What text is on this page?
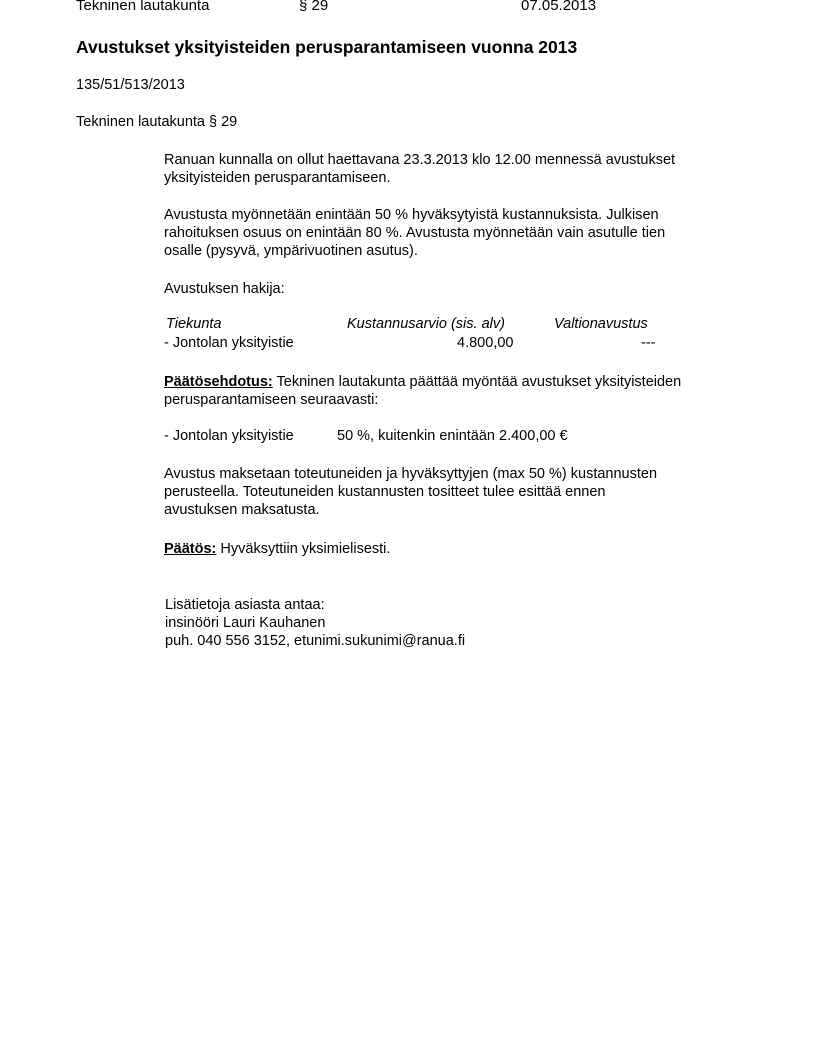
Tekninen lautakunta	§ 29	07.05.2013
Avustukset yksityisteiden perusparantamiseen vuonna 2013
135/51/513/2013
Tekninen lautakunta § 29
Ranuan kunnalla on ollut haettavana 23.3.2013 klo 12.00 mennessä avustukset
yksityisteiden perusparantamiseen.
Avustusta myönnetään enintään 50 % hyväksytyistä kustannuksista. Julkisen
rahoituksen osuus on enintään 80 %. Avustusta myönnetään vain asutulle tien
osalle (pysyvä, ympärivuotinen asutus).
Avustuksen hakija:
Tiekunta	Kustannusarvio (sis. alv)	Valtionavustus
- Jontolan yksityistie	4.800,00	---
Päätösehdotus: Tekninen lautakunta päättää myöntää avustukset yksityisteiden
perusparantamiseen seuraavasti:
- Jontolan yksityistie	50 %, kuitenkin enintään 2.400,00 €
Avustus maksetaan toteutuneiden ja hyväksyttyjen (max 50 %) kustannusten
perusteella. Toteutuneiden kustannusten tositteet tulee esittää ennen
avustuksen maksatusta.
Päätös: Hyväksyttiin yksimielisesti.
Lisätietoja asiasta antaa:
insinööri Lauri Kauhanen
puh. 040 556 3152, etunimi.sukunimi@ranua.fi
